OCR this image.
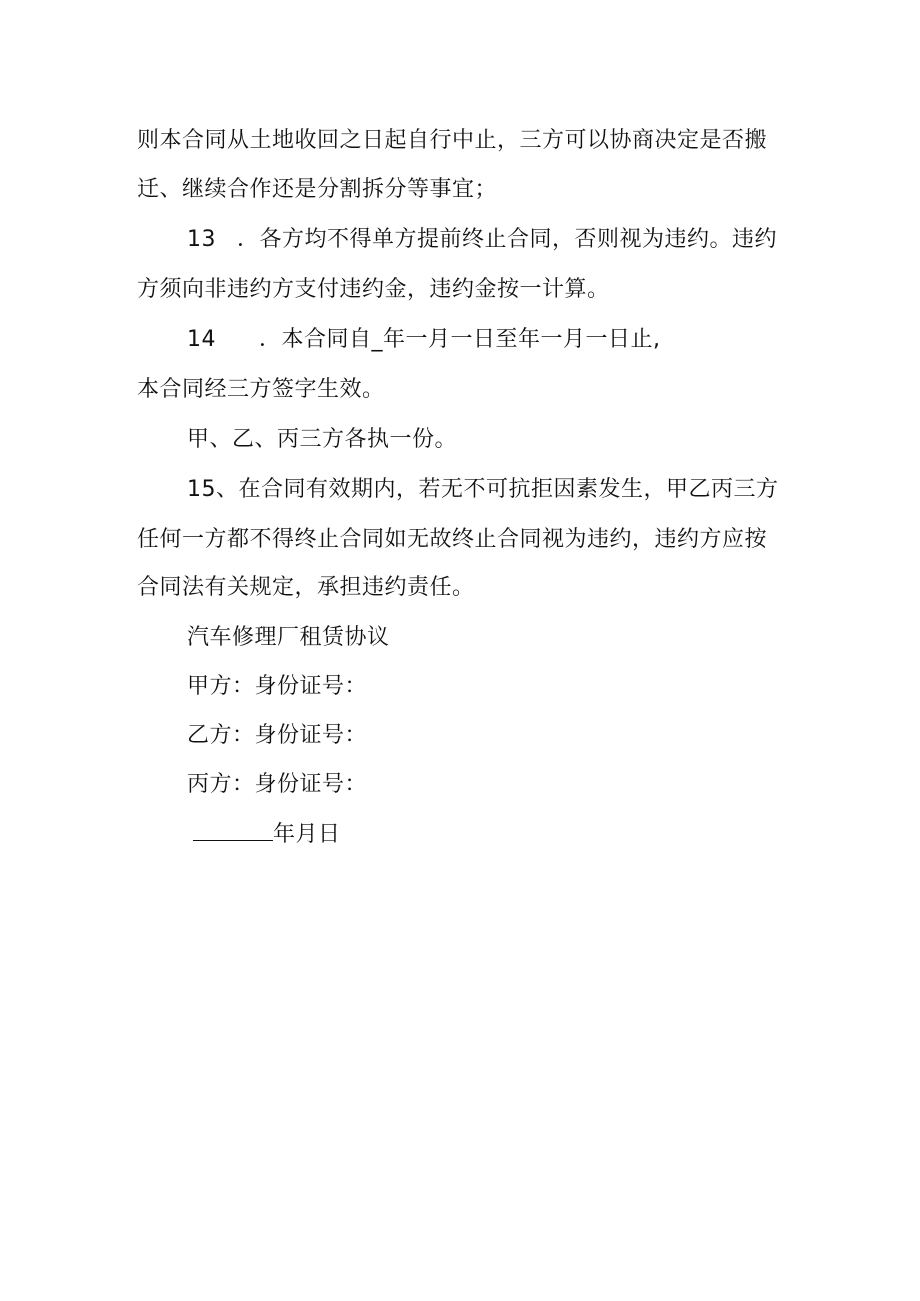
则本合同从土地收回之日起自行中止，三方可以协商决定是否搬
迁、继续合作还是分割拆分等事宜；
13 ．各方均不得单方提前终止合同，否则视为违约。违约
方须向非违约方支付违约金，违约金按一计算。
14 ．本合同自_年一月一日至年一月一日止,
本合同经三方签字生效。
甲、乙、丙三方各执一份。
15、在合同有效期内，若无不可抗拒因素发生，甲乙丙三方
任何一方都不得终止合同如无故终止合同视为违约，违约方应按
合同法有关规定，承担违约责任。
汽车修理厂租赁协议
甲方：身份证号：
乙方：身份证号：
丙方：身份证号：
年月日
